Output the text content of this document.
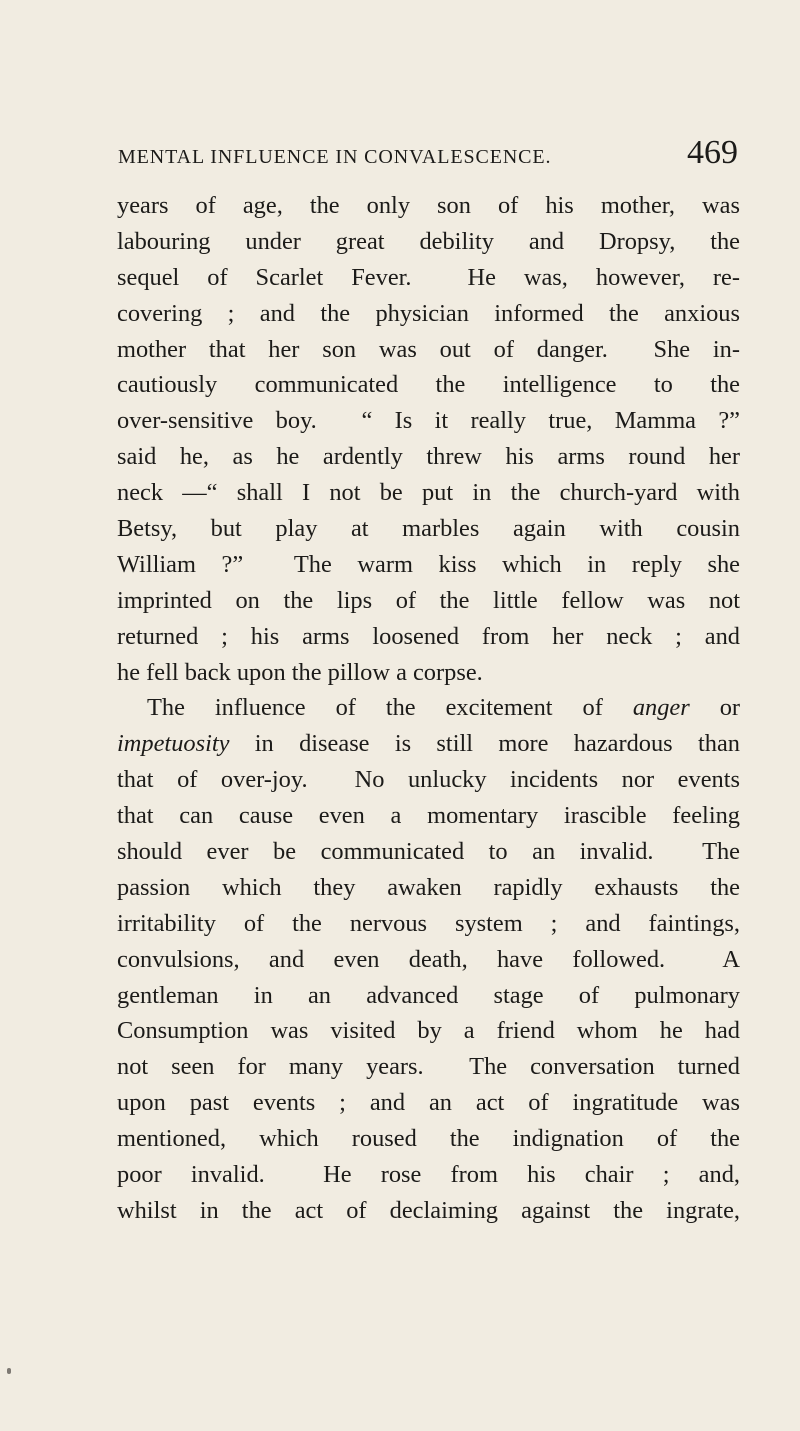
MENTAL INFLUENCE IN CONVALESCENCE.	469
years of age, the only son of his mother, was
labouring under great debility and Dropsy, the
sequel of Scarlet Fever.  He was, however, re-
covering ; and the physician informed the anxious
mother that her son was out of danger.  She in-
cautiously communicated the intelligence to the
over-sensitive boy.  “ Is it really true, Mamma ?”
said he, as he ardently threw his arms round her
neck —“ shall I not be put in the church-yard with
Betsy, but play at marbles again with cousin
William ?”  The warm kiss which in reply she
imprinted on the lips of the little fellow was not
returned ; his arms loosened from her neck ; and
he fell back upon the pillow a corpse.
The influence of the excitement of anger or
impetuosity in disease is still more hazardous than
that of over-joy.  No unlucky incidents nor events
that can cause even a momentary irascible feeling
should ever be communicated to an invalid.  The
passion which they awaken rapidly exhausts the
irritability of the nervous system ; and faintings,
convulsions, and even death, have followed.  A
gentleman in an advanced stage of pulmonary
Consumption was visited by a friend whom he had
not seen for many years.  The conversation turned
upon past events ; and an act of ingratitude was
mentioned, which roused the indignation of the
poor invalid.  He rose from his chair ; and,
whilst in the act of declaiming against the ingrate,
